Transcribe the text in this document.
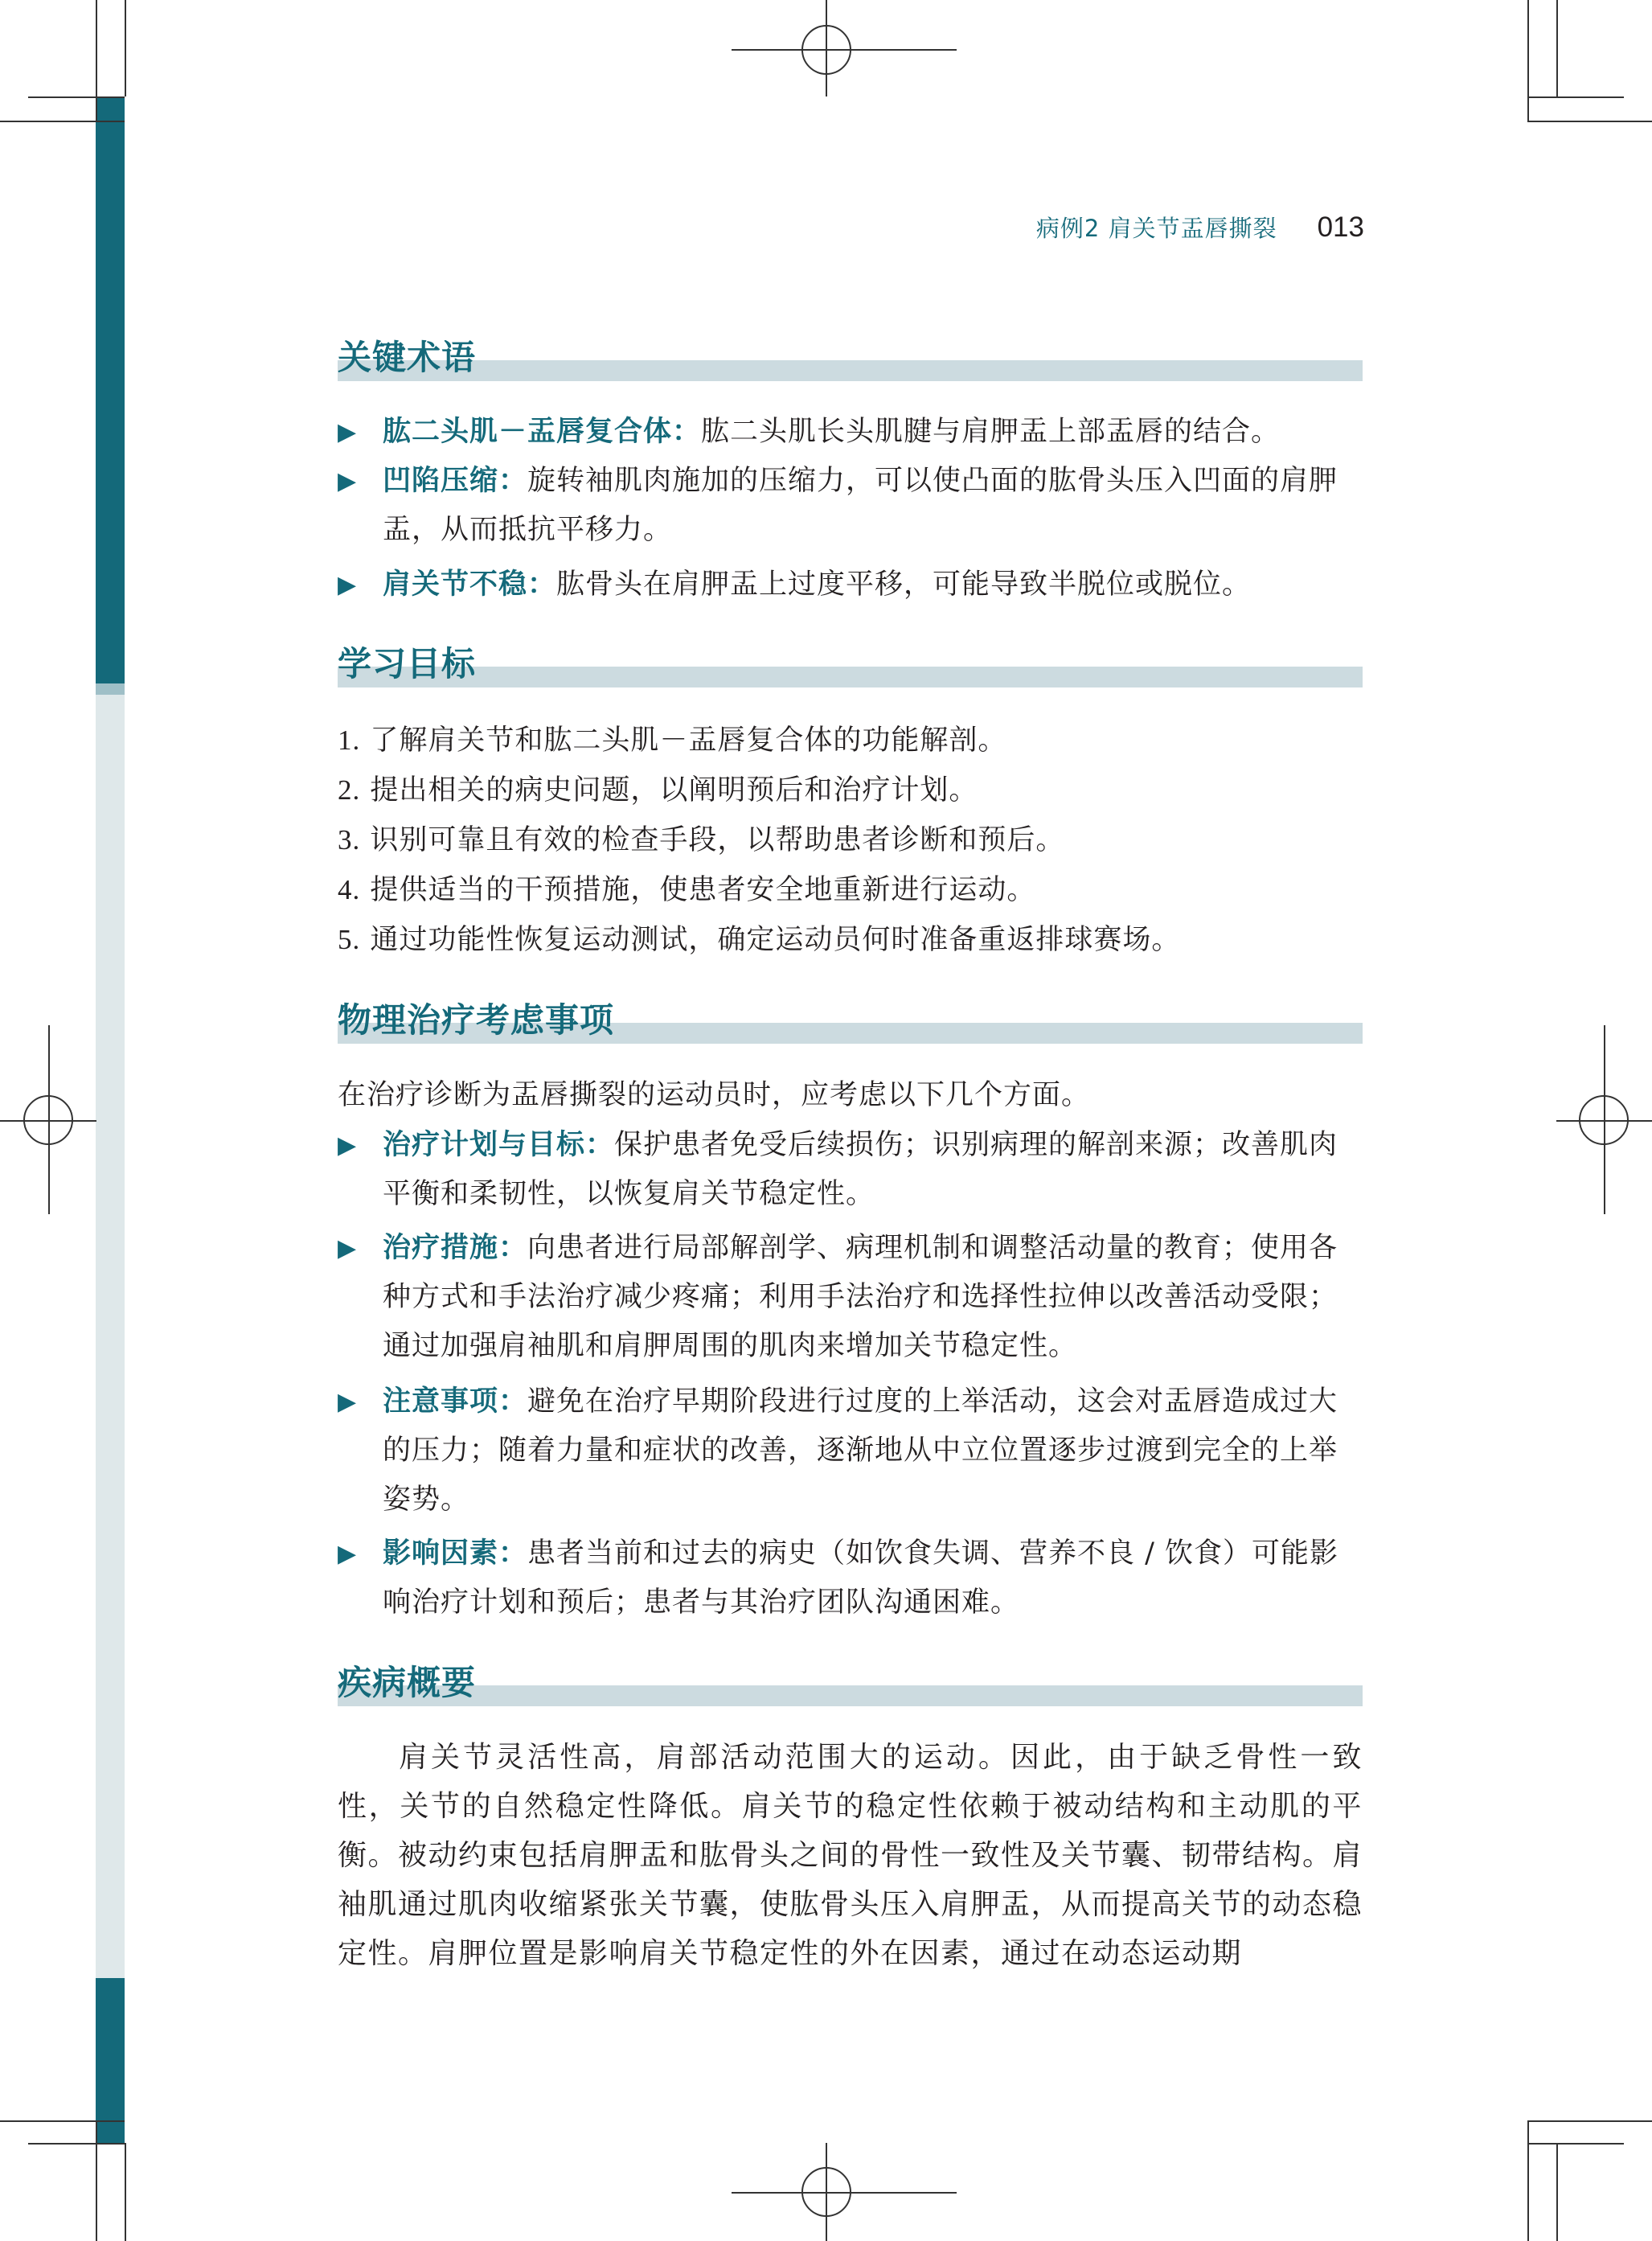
病例2 肩关节盂唇撕裂 013
关键术语
▶ 肱二头肌－盂唇复合体：肱二头肌长头肌腱与肩胛盂上部盂唇的结合。
▶ 凹陷压缩：旋转袖肌肉施加的压缩力，可以使凸面的肱骨头压入凹面的肩胛盂，从而抵抗平移力。
▶ 肩关节不稳：肱骨头在肩胛盂上过度平移，可能导致半脱位或脱位。
学习目标
1. 了解肩关节和肱二头肌－盂唇复合体的功能解剖。
2. 提出相关的病史问题，以阐明预后和治疗计划。
3. 识别可靠且有效的检查手段，以帮助患者诊断和预后。
4. 提供适当的干预措施，使患者安全地重新进行运动。
5. 通过功能性恢复运动测试，确定运动员何时准备重返排球赛场。
物理治疗考虑事项
在治疗诊断为盂唇撕裂的运动员时，应考虑以下几个方面。
▶ 治疗计划与目标：保护患者免受后续损伤；识别病理的解剖来源；改善肌肉平衡和柔韧性，以恢复肩关节稳定性。
▶ 治疗措施：向患者进行局部解剖学、病理机制和调整活动量的教育；使用各种方式和手法治疗减少疼痛；利用手法治疗和选择性拉伸以改善活动受限；通过加强肩袖肌和肩胛周围的肌肉来增加关节稳定性。
▶ 注意事项：避免在治疗早期阶段进行过度的上举活动，这会对盂唇造成过大的压力；随着力量和症状的改善，逐渐地从中立位置逐步过渡到完全的上举姿势。
▶ 影响因素：患者当前和过去的病史（如饮食失调、营养不良 / 饮食）可能影响治疗计划和预后；患者与其治疗团队沟通困难。
疾病概要
肩关节灵活性高，肩部活动范围大的运动。因此，由于缺乏骨性一致性，关节的自然稳定性降低。肩关节的稳定性依赖于被动结构和主动肌的平衡。被动约束包括肩胛盂和肱骨头之间的骨性一致性及关节囊、韧带结构。肩袖肌通过肌肉收缩紧张关节囊，使肱骨头压入肩胛盂，从而提高关节的动态稳定性。肩胛位置是影响肩关节稳定性的外在因素，通过在动态运动期
